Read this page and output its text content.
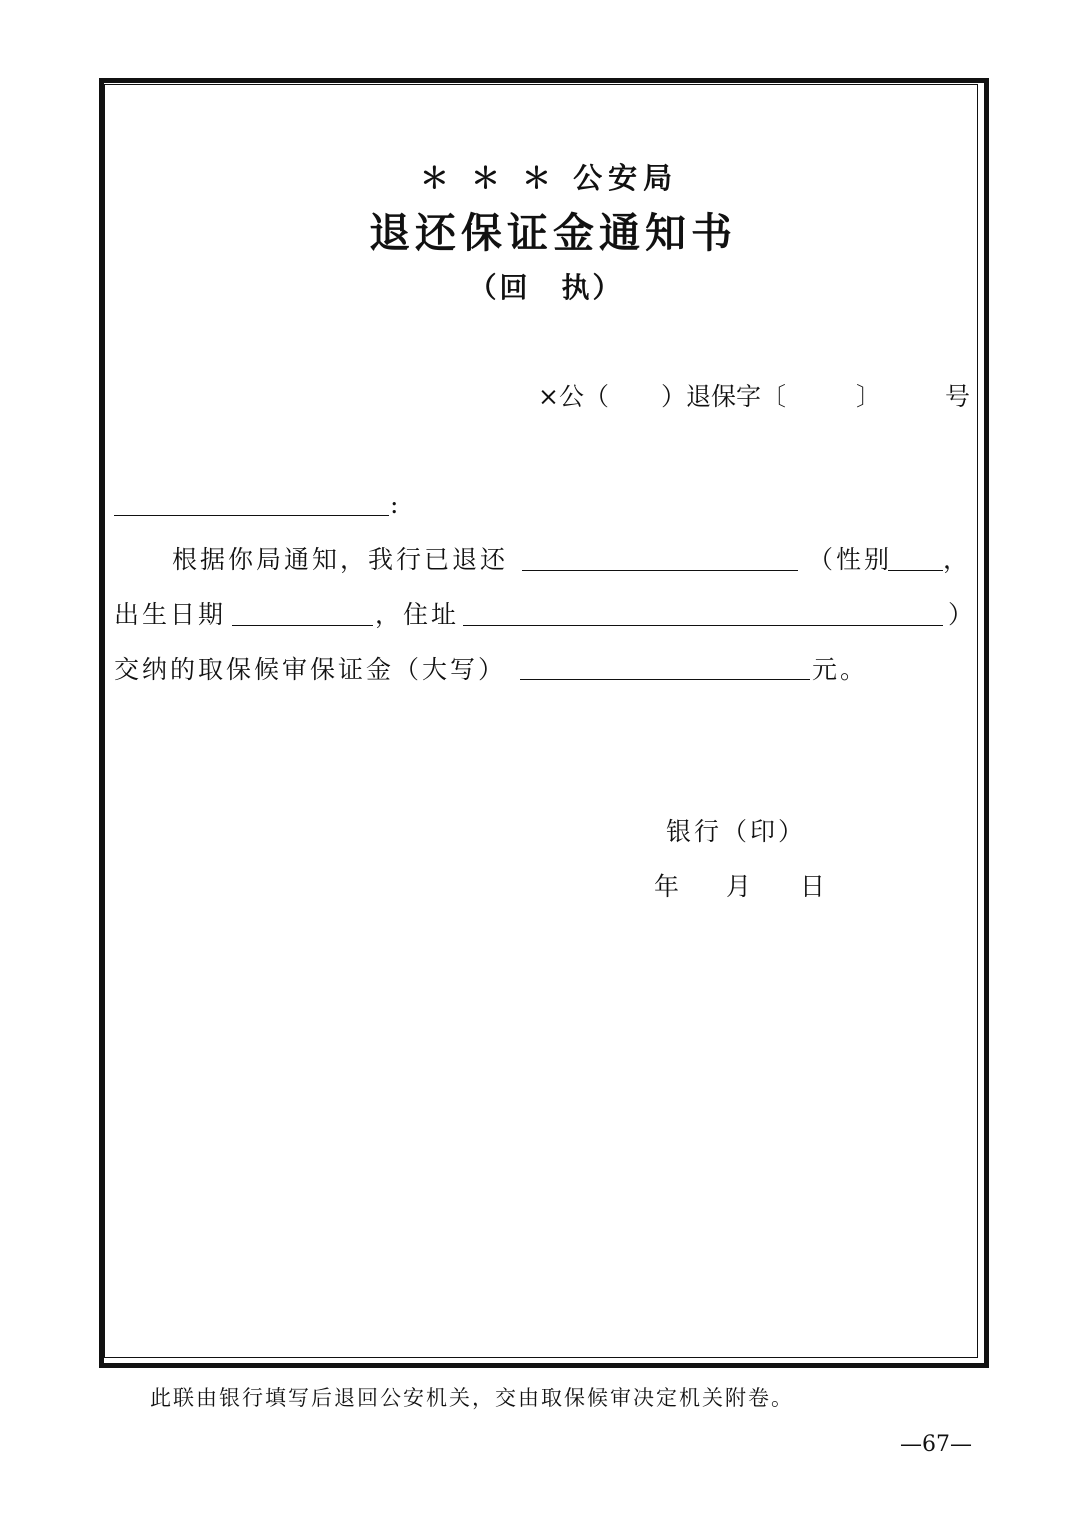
＊ ＊ ＊ 公安局
退还保证金通知书
（回　执）
×公（ ）退保字〔	〕	号
:
根据你局通知，我行已退还	（性别 ，
出生日期	，住址	）
交纳的取保候审保证金（大写）	元。
银行（印）
年 月 日
此联由银行填写后退回公安机关，交由取保候审决定机关附卷。
—67—
